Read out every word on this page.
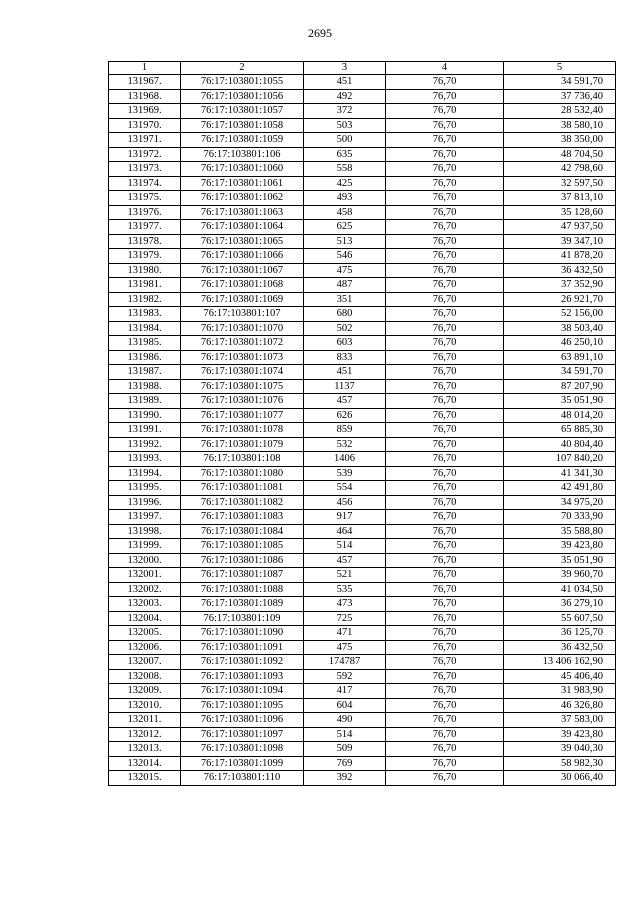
2695
1	2	3	4	5
131967.	76:17:103801:1055	451	76,70	34 591,70
131968.	76:17:103801:1056	492	76,70	37 736,40
131969.	76:17:103801:1057	372	76,70	28 532,40
131970.	76:17:103801:1058	503	76,70	38 580,10
131971.	76:17:103801:1059	500	76,70	38 350,00
131972.	76:17:103801:106	635	76,70	48 704,50
131973.	76:17:103801:1060	558	76,70	42 798,60
131974.	76:17:103801:1061	425	76,70	32 597,50
131975.	76:17:103801:1062	493	76,70	37 813,10
131976.	76:17:103801:1063	458	76,70	35 128,60
131977.	76:17:103801:1064	625	76,70	47 937,50
131978.	76:17:103801:1065	513	76,70	39 347,10
131979.	76:17:103801:1066	546	76,70	41 878,20
131980.	76:17:103801:1067	475	76,70	36 432,50
131981.	76:17:103801:1068	487	76,70	37 352,90
131982.	76:17:103801:1069	351	76,70	26 921,70
131983.	76:17:103801:107	680	76,70	52 156,00
131984.	76:17:103801:1070	502	76,70	38 503,40
131985.	76:17:103801:1072	603	76,70	46 250,10
131986.	76:17:103801:1073	833	76,70	63 891,10
131987.	76:17:103801:1074	451	76,70	34 591,70
131988.	76:17:103801:1075	1137	76,70	87 207,90
131989.	76:17:103801:1076	457	76,70	35 051,90
131990.	76:17:103801:1077	626	76,70	48 014,20
131991.	76:17:103801:1078	859	76,70	65 885,30
131992.	76:17:103801:1079	532	76,70	40 804,40
131993.	76:17:103801:108	1406	76,70	107 840,20
131994.	76:17:103801:1080	539	76,70	41 341,30
131995.	76:17:103801:1081	554	76,70	42 491,80
131996.	76:17:103801:1082	456	76,70	34 975,20
131997.	76:17:103801:1083	917	76,70	70 333,90
131998.	76:17:103801:1084	464	76,70	35 588,80
131999.	76:17:103801:1085	514	76,70	39 423,80
132000.	76:17:103801:1086	457	76,70	35 051,90
132001.	76:17:103801:1087	521	76,70	39 960,70
132002.	76:17:103801:1088	535	76,70	41 034,50
132003.	76:17:103801:1089	473	76,70	36 279,10
132004.	76:17:103801:109	725	76,70	55 607,50
132005.	76:17:103801:1090	471	76,70	36 125,70
132006.	76:17:103801:1091	475	76,70	36 432,50
132007.	76:17:103801:1092	174787	76,70	13 406 162,90
132008.	76:17:103801:1093	592	76,70	45 406,40
132009.	76:17:103801:1094	417	76,70	31 983,90
132010.	76:17:103801:1095	604	76,70	46 326,80
132011.	76:17:103801:1096	490	76,70	37 583,00
132012.	76:17:103801:1097	514	76,70	39 423,80
132013.	76:17:103801:1098	509	76,70	39 040,30
132014.	76:17:103801:1099	769	76,70	58 982,30
132015.	76:17:103801:110	392	76,70	30 066,40
